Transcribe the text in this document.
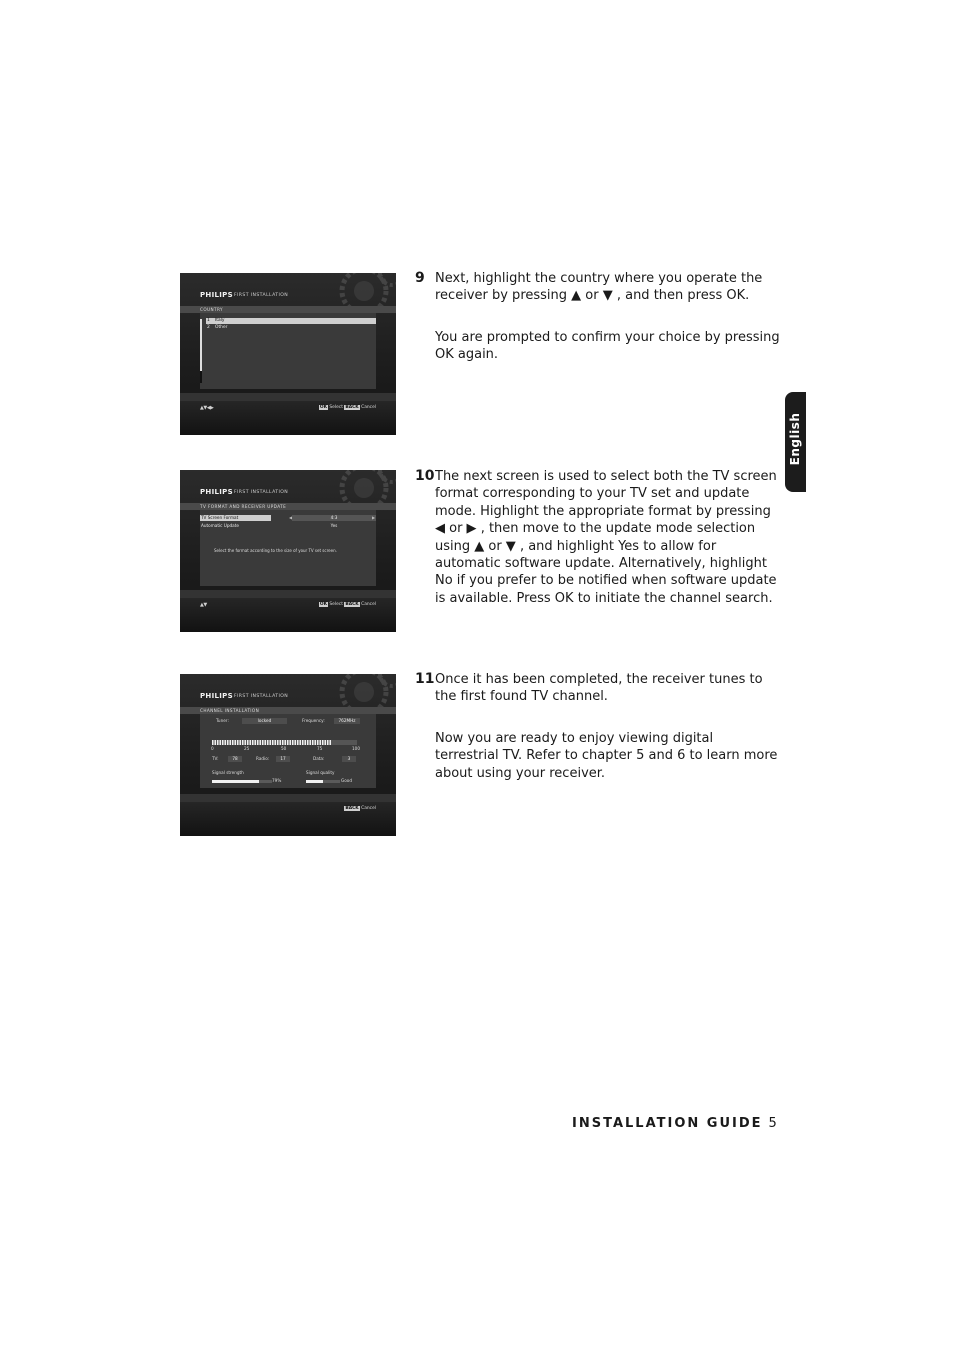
PHILIPS FIRST INSTALLATION
COUNTRY
1 Italy
2 Other
▲▼◀▶	OK Select BACK Cancel
PHILIPS FIRST INSTALLATION
TV FORMAT AND RECEIVER UPDATE
TV Screen Format	◀	4:3	▶
Automatic Update	Yes
Select the format according to the size of your TV set screen.
▲▼	OK Select BACK Cancel
PHILIPS FIRST INSTALLATION
CHANNEL INSTALLATION
Tuner:	locked	Frequency:	762MHz
0	25	50	75	100
TV:	78	Radio:	17	Data:	3
Signal strength
79%
Signal quality
Good
BACK Cancel
9 Next, highlight the country where you operate the receiver by pressing ▲ or ▼ , and then press OK.

You are prompted to confirm your choice by pressing OK again.

10 The next screen is used to select both the TV screen format corresponding to your TV set and update mode. Highlight the appropriate format by pressing ◀ or ▶ , then move to the update mode selection using ▲ or ▼ , and highlight Yes to allow for automatic software update. Alternatively, highlight No if you prefer to be notified when software update is available. Press OK to initiate the channel search.

11 Once it has been completed, the receiver tunes to the first found TV channel.

Now you are ready to enjoy viewing digital terrestrial TV. Refer to chapter 5 and 6 to learn more about using your receiver.

English
INSTALLATION GUIDE 5
